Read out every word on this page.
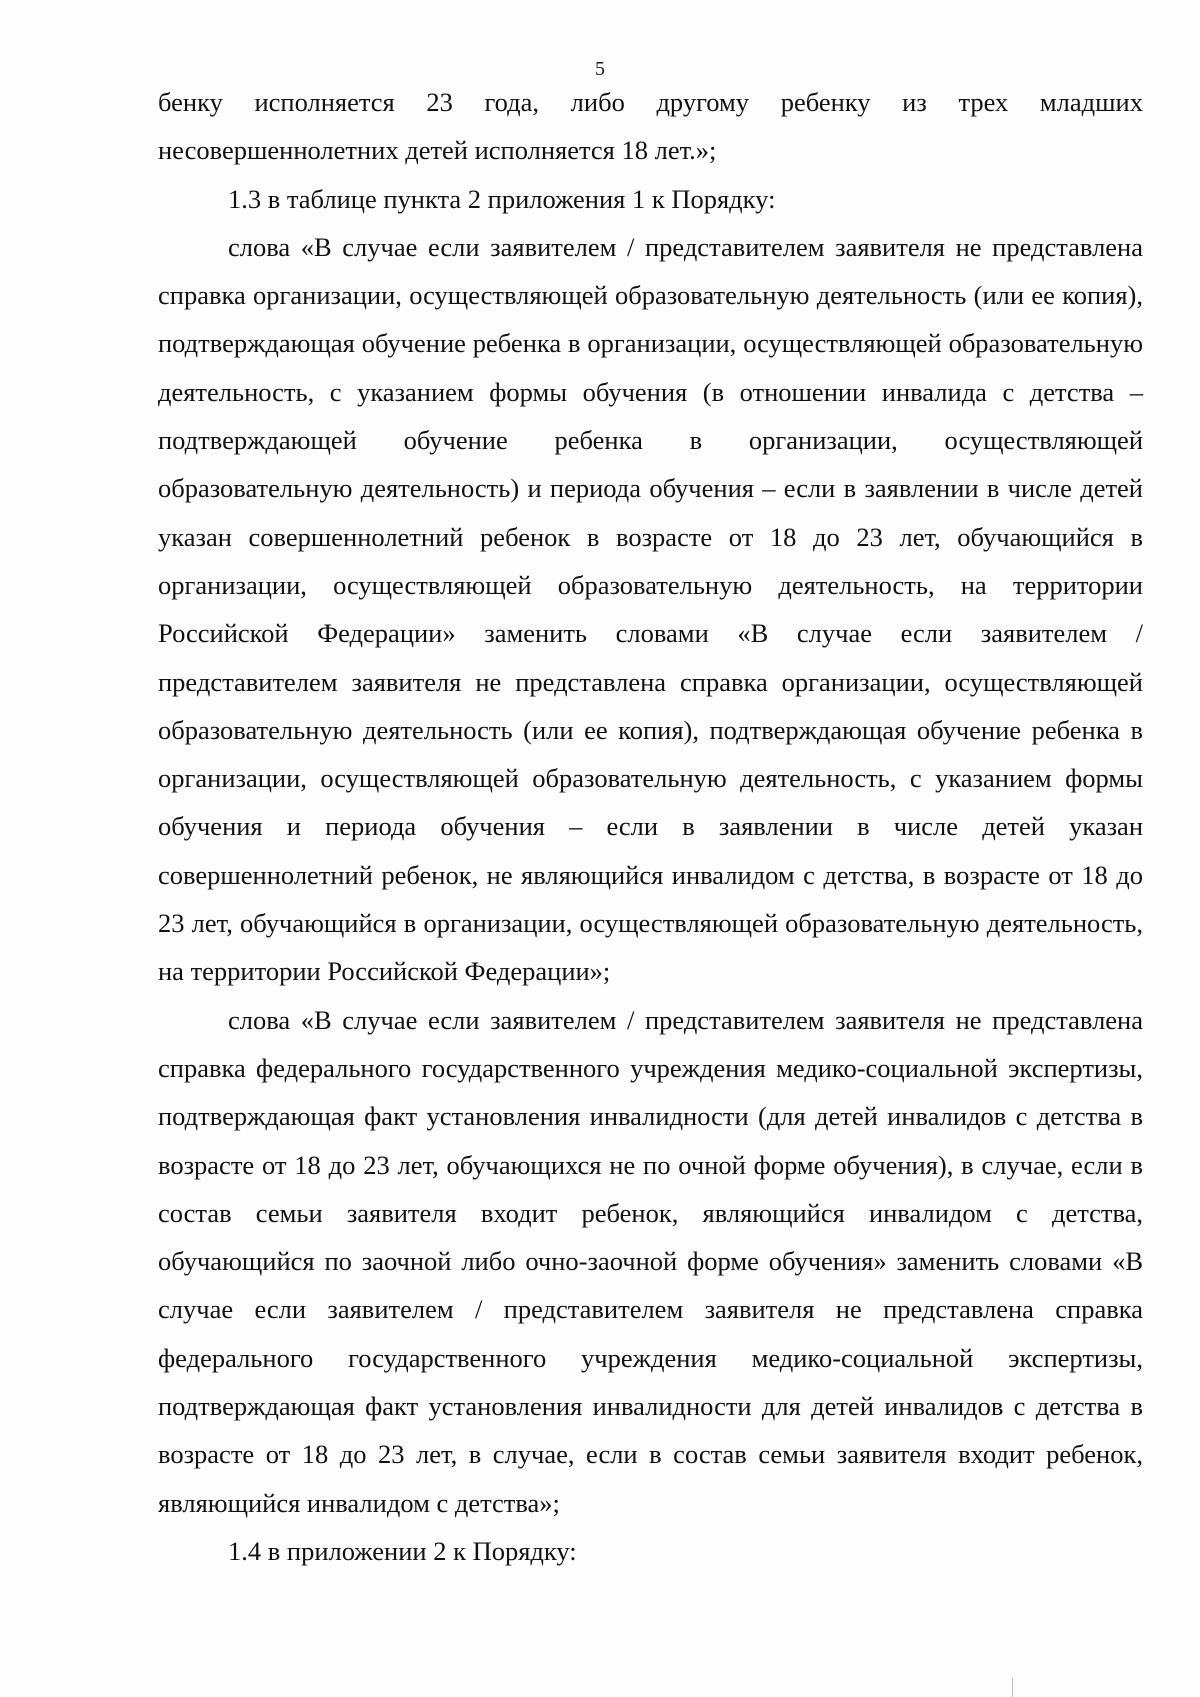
5

бенку исполняется 23 года, либо другому ребенку из трех младших несовершеннолетних детей исполняется 18 лет.»;

1.3 в таблице пункта 2 приложения 1 к Порядку:

слова «В случае если заявителем / представителем заявителя не представлена справка организации, осуществляющей образовательную деятельность (или ее копия), подтверждающая обучение ребенка в организации, осуществляющей образовательную деятельность, с указанием формы обучения (в отношении инвалида с детства – подтверждающей обучение ребенка в организации, осуществляющей образовательную деятельность) и периода обучения – если в заявлении в числе детей указан совершеннолетний ребенок в возрасте от 18 до 23 лет, обучающийся в организации, осуществляющей образовательную деятельность, на территории Российской Федерации» заменить словами «В случае если заявителем / представителем заявителя не представлена справка организации, осуществляющей образовательную деятельность (или ее копия), подтверждающая обучение ребенка в организации, осуществляющей образовательную деятельность, с указанием формы обучения и периода обучения – если в заявлении в числе детей указан совершеннолетний ребенок, не являющийся инвалидом с детства, в возрасте от 18 до 23 лет, обучающийся в организации, осуществляющей образовательную деятельность, на территории Российской Федерации»;

слова «В случае если заявителем / представителем заявителя не представлена справка федерального государственного учреждения медико-социальной экспертизы, подтверждающая факт установления инвалидности (для детей инвалидов с детства в возрасте от 18 до 23 лет, обучающихся не по очной форме обучения), в случае, если в состав семьи заявителя входит ребенок, являющийся инвалидом с детства, обучающийся по заочной либо очно-заочной форме обучения» заменить словами «В случае если заявителем / представителем заявителя не представлена справка федерального государственного учреждения медико-социальной экспертизы, подтверждающая факт установления инвалидности для детей инвалидов с детства в возрасте от 18 до 23 лет, в случае, если в состав семьи заявителя входит ребенок, являющийся инвалидом с детства»;

1.4 в приложении 2 к Порядку:
